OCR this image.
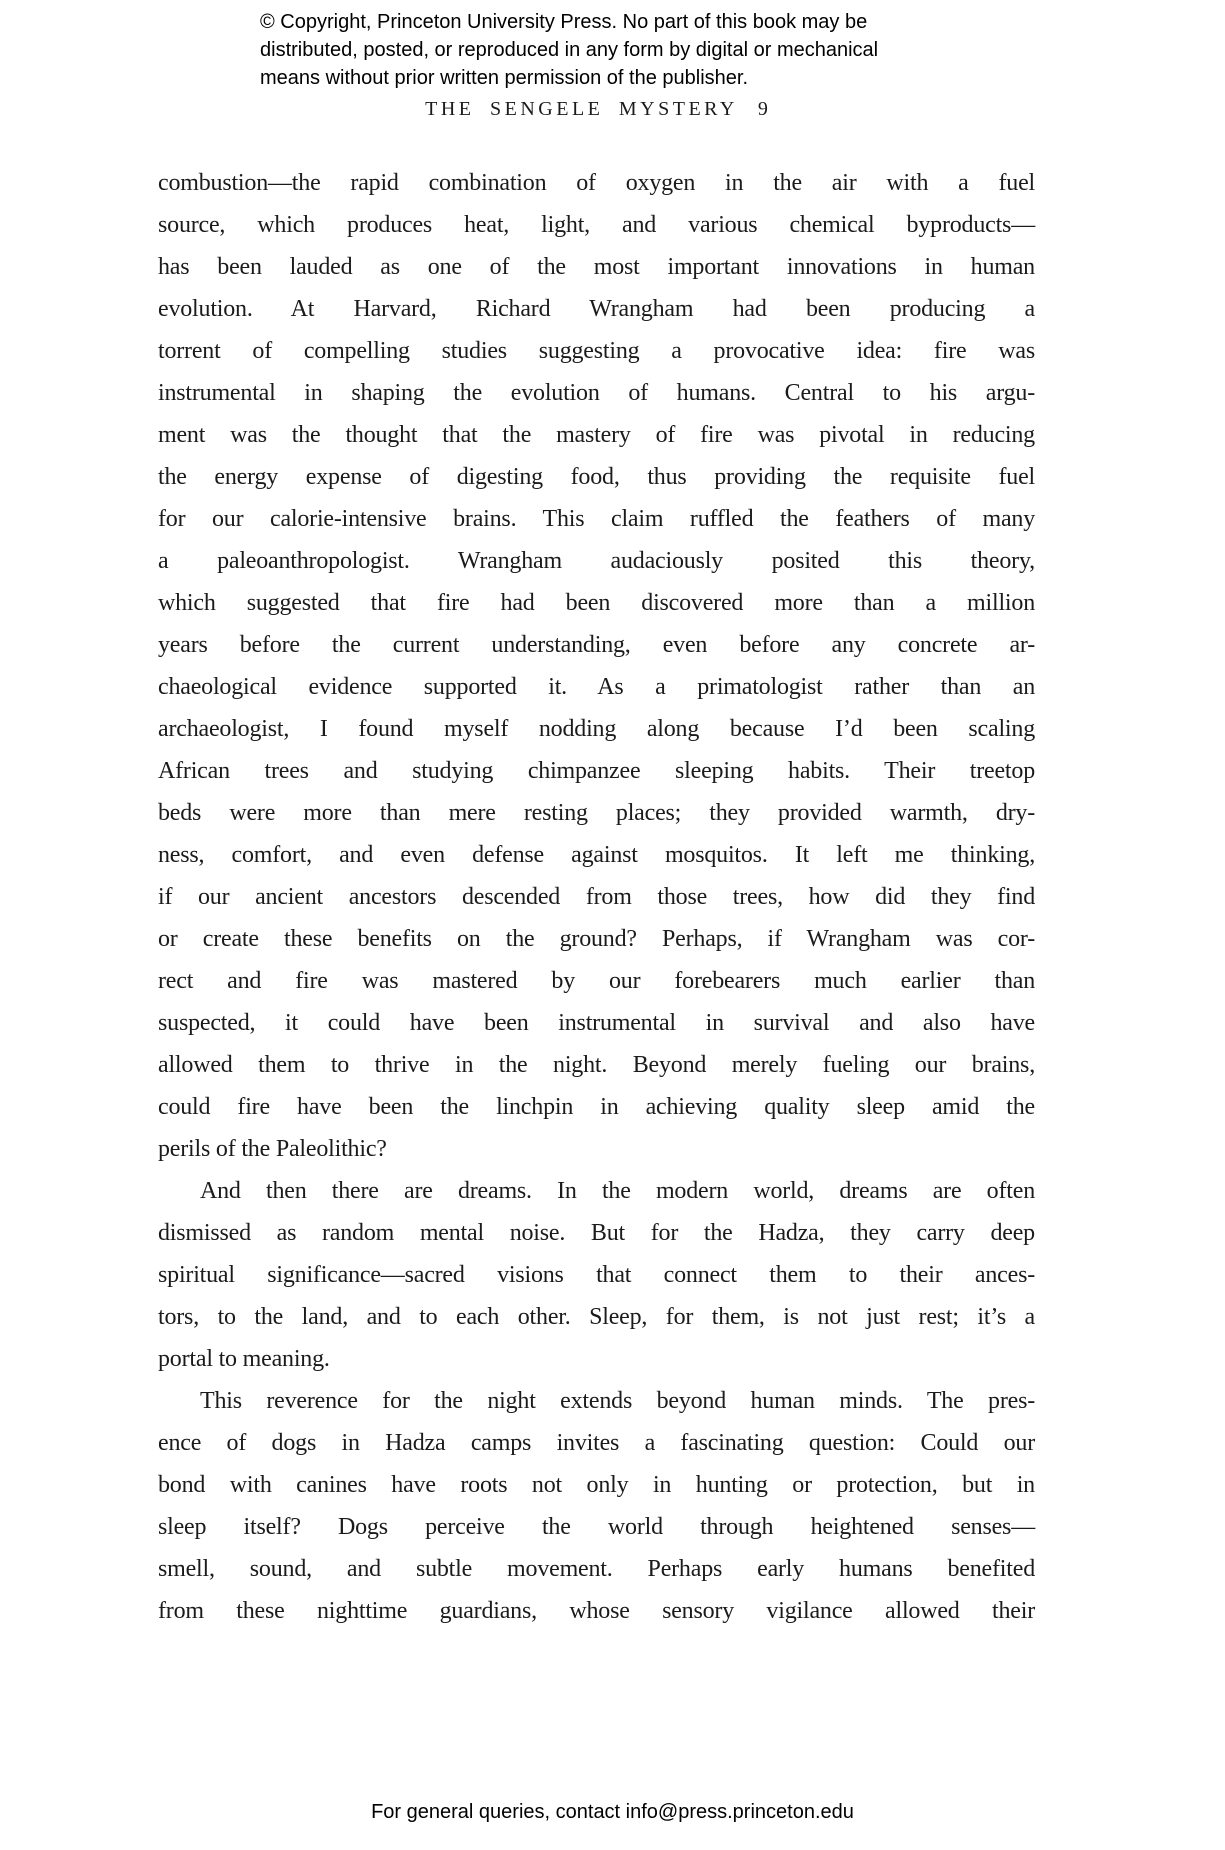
© Copyright, Princeton University Press. No part of this book may be
distributed, posted, or reproduced in any form by digital or mechanical
means without prior written permission of the publisher.
THE SENGELE MYSTERY 9
combustion—the rapid combination of oxygen in the air with a fuel
source, which produces heat, light, and various chemical byproducts—
has been lauded as one of the most important innovations in human
evolution. At Harvard, Richard Wrangham had been producing a
torrent of compelling studies suggesting a provocative idea: fire was
instrumental in shaping the evolution of humans. Central to his argu-
ment was the thought that the mastery of fire was pivotal in reducing
the energy expense of digesting food, thus providing the requisite fuel
for our calorie-intensive brains. This claim ruffled the feathers of many
a paleoanthropologist. Wrangham audaciously posited this theory,
which suggested that fire had been discovered more than a million
years before the current understanding, even before any concrete ar-
chaeological evidence supported it. As a primatologist rather than an
archaeologist, I found myself nodding along because I’d been scaling
African trees and studying chimpanzee sleeping habits. Their treetop
beds were more than mere resting places; they provided warmth, dry-
ness, comfort, and even defense against mosquitos. It left me thinking,
if our ancient ancestors descended from those trees, how did they find
or create these benefits on the ground? Perhaps, if Wrangham was cor-
rect and fire was mastered by our forebearers much earlier than
suspected, it could have been instrumental in survival and also have
allowed them to thrive in the night. Beyond merely fueling our brains,
could fire have been the linchpin in achieving quality sleep amid the
perils of the Paleolithic?
And then there are dreams. In the modern world, dreams are often
dismissed as random mental noise. But for the Hadza, they carry deep
spiritual significance—sacred visions that connect them to their ances-
tors, to the land, and to each other. Sleep, for them, is not just rest; it’s a
portal to meaning.
This reverence for the night extends beyond human minds. The pres-
ence of dogs in Hadza camps invites a fascinating question: Could our
bond with canines have roots not only in hunting or protection, but in
sleep itself? Dogs perceive the world through heightened senses—
smell, sound, and subtle movement. Perhaps early humans benefited
from these nighttime guardians, whose sensory vigilance allowed their
For general queries, contact info@press.princeton.edu
